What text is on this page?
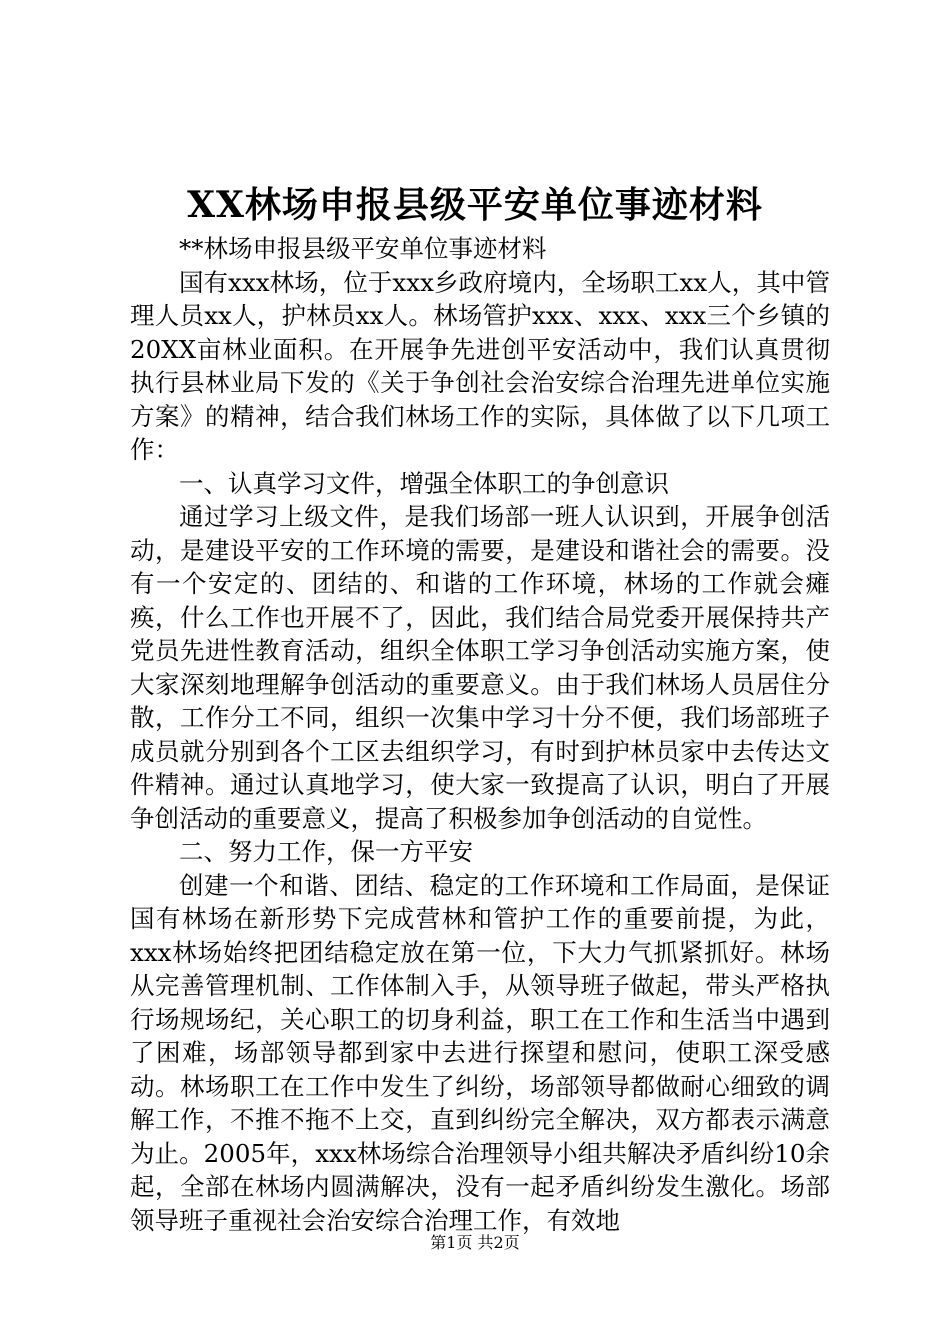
XX林场申报县级平安单位事迹材料

**林场申报县级平安单位事迹材料

国有xxx林场，位于xxx乡政府境内，全场职工xx人，其中管理人员xx人，护林员xx人。林场管护xxx、xxx、xxx三个乡镇的20XX亩林业面积。在开展争先进创平安活动中，我们认真贯彻执行县林业局下发的《关于争创社会治安综合治理先进单位实施方案》的精神，结合我们林场工作的实际，具体做了以下几项工作：

一、认真学习文件，增强全体职工的争创意识

通过学习上级文件，是我们场部一班人认识到，开展争创活动，是建设平安的工作环境的需要，是建设和谐社会的需要。没有一个安定的、团结的、和谐的工作环境，林场的工作就会瘫痪，什么工作也开展不了，因此，我们结合局党委开展保持共产党员先进性教育活动，组织全体职工学习争创活动实施方案，使大家深刻地理解争创活动的重要意义。由于我们林场人员居住分散，工作分工不同，组织一次集中学习十分不便，我们场部班子成员就分别到各个工区去组织学习，有时到护林员家中去传达文件精神。通过认真地学习，使大家一致提高了认识，明白了开展争创活动的重要意义，提高了积极参加争创活动的自觉性。

二、努力工作，保一方平安

创建一个和谐、团结、稳定的工作环境和工作局面，是保证国有林场在新形势下完成营林和管护工作的重要前提，为此，xxx林场始终把团结稳定放在第一位，下大力气抓紧抓好。林场从完善管理机制、工作体制入手，从领导班子做起，带头严格执行场规场纪，关心职工的切身利益，职工在工作和生活当中遇到了困难，场部领导都到家中去进行探望和慰问，使职工深受感动。林场职工在工作中发生了纠纷，场部领导都做耐心细致的调解工作，不推不拖不上交，直到纠纷完全解决，双方都表示满意为止。2005年，xxx林场综合治理领导小组共解决矛盾纠纷10余起，全部在林场内圆满解决，没有一起矛盾纠纷发生激化。场部领导班子重视社会治安综合治理工作，有效地

第1页 共2页
